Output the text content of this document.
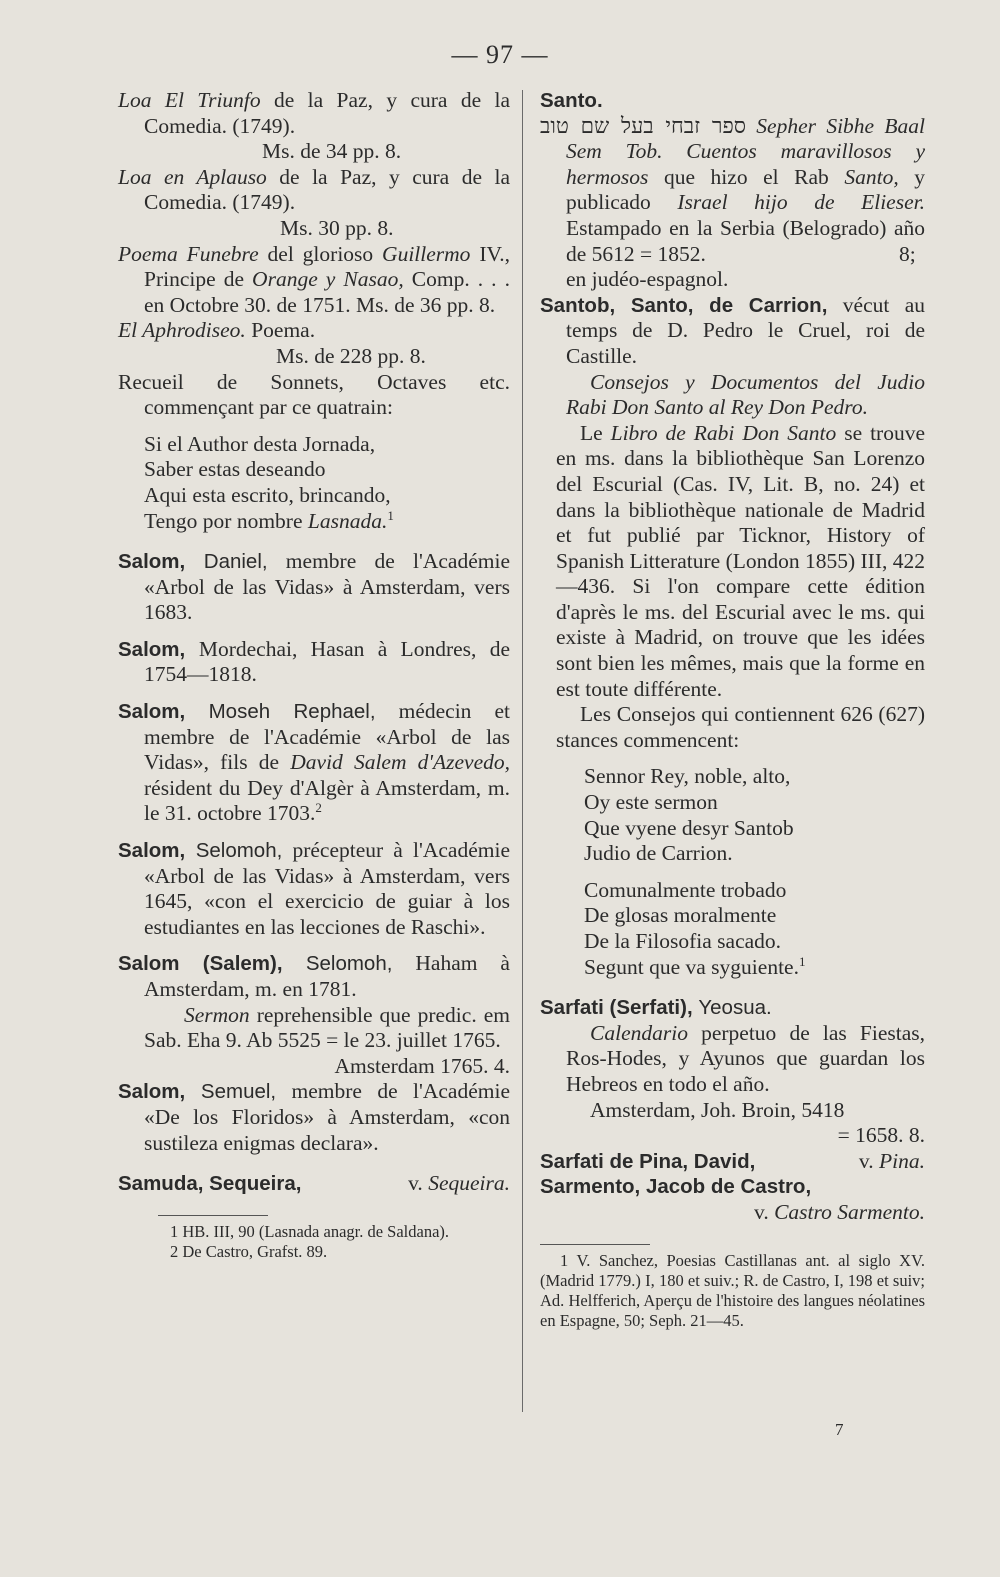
— 97 —

Loa El Triunfo de la Paz, y cura de la Comedia. (1749).

Ms. de 34 pp. 8.

Loa en Aplauso de la Paz, y cura de la Comedia. (1749).

Ms. 30 pp. 8.

Poema Funebre del glorioso Guillermo IV., Principe de Orange y Nasao, Comp. . . . en Octobre 30. de 1751. Ms. de 36 pp. 8.

El Aphrodiseo. Poema.

Ms. de 228 pp. 8.

Recueil de Sonnets, Octaves etc. commençant par ce quatrain:

Si el Author desta Jornada,

Saber estas deseando

Aqui esta escrito, brincando,

Tengo por nombre Lasnada.$^1$

Salom, Daniel, membre de l'Académie «Arbol de las Vidas» à Amsterdam, vers 1683.

Salom, Mordechai, Hasan à Londres, de 1754—1818.

Salom, Moseh Rephael, médecin et membre de l'Académie «Arbol de las Vidas», fils de David Salem d'Azevedo, résident du Dey d'Algèr à Amsterdam, m. le 31. octobre 1703.$^2$

Salom, Selomoh, précepteur à l'Académie «Arbol de las Vidas» à Amsterdam, vers 1645, «con el exercicio de guiar à los estudiantes en las lecciones de Raschi».

Salom (Salem), Selomoh, Haham à Amsterdam, m. en 1781.

Sermon reprehensible que predic. em Sab. Eha 9. Ab 5525 = le 23. juillet 1765.

Amsterdam 1765. 4.

Salom, Semuel, membre de l'Académie «De los Floridos» à Amsterdam, «con sustileza enigmas declara».

Samuda, Sequeira,	v. Sequeira.

1 HB. III, 90 (Lasnada anagr. de Saldana).

2 De Castro, Grafst. 89.

Santo.

ספר זבחי בעל שם טוב Sepher Sibhe Baal Sem Tob. Cuentos maravillosos y hermosos que hizo el Rab Santo, y publicado Israel hijo de Elieser. Estampado en la Serbia (Belogrado) año de 5612 = 1852.	8;

en judéo-espagnol.

Santob, Santo, de Carrion, vécut au temps de D. Pedro le Cruel, roi de Castille.

Consejos y Documentos del Judio Rabi Don Santo al Rey Don Pedro.

Le Libro de Rabi Don Santo se trouve en ms. dans la bibliothèque San Lorenzo del Escurial (Cas. IV, Lit. B, no. 24) et dans la bibliothèque nationale de Madrid et fut publié par Ticknor, History of Spanish Litterature (London 1855) III, 422—436. Si l'on compare cette édition d'après le ms. del Escurial avec le ms. qui existe à Madrid, on trouve que les idées sont bien les mêmes, mais que la forme en est toute différente.

Les Consejos qui contiennent 626 (627) stances commencent:

Sennor Rey, noble, alto,

Oy este sermon

Que vyene desyr Santob

Judio de Carrion.

Comunalmente trobado

De glosas moralmente

De la Filosofia sacado.

Segunt que va syguiente.$^1$

Sarfati (Serfati), Yeosua.

Calendario perpetuo de las Fiestas, Ros-Hodes, y Ayunos que guardan los Hebreos en todo el año.

Amsterdam, Joh. Broin, 5418

= 1658. 8.

Sarfati de Pina, David,	v. Pina.

Sarmento, Jacob de Castro,

v. Castro Sarmento.

1 V. Sanchez, Poesias Castillanas ant. al siglo XV. (Madrid 1779.) I, 180 et suiv.; R. de Castro, I, 198 et suiv; Ad. Helfferich, Aperçu de l'histoire des langues néolatines en Espagne, 50; Seph. 21—45.

7
